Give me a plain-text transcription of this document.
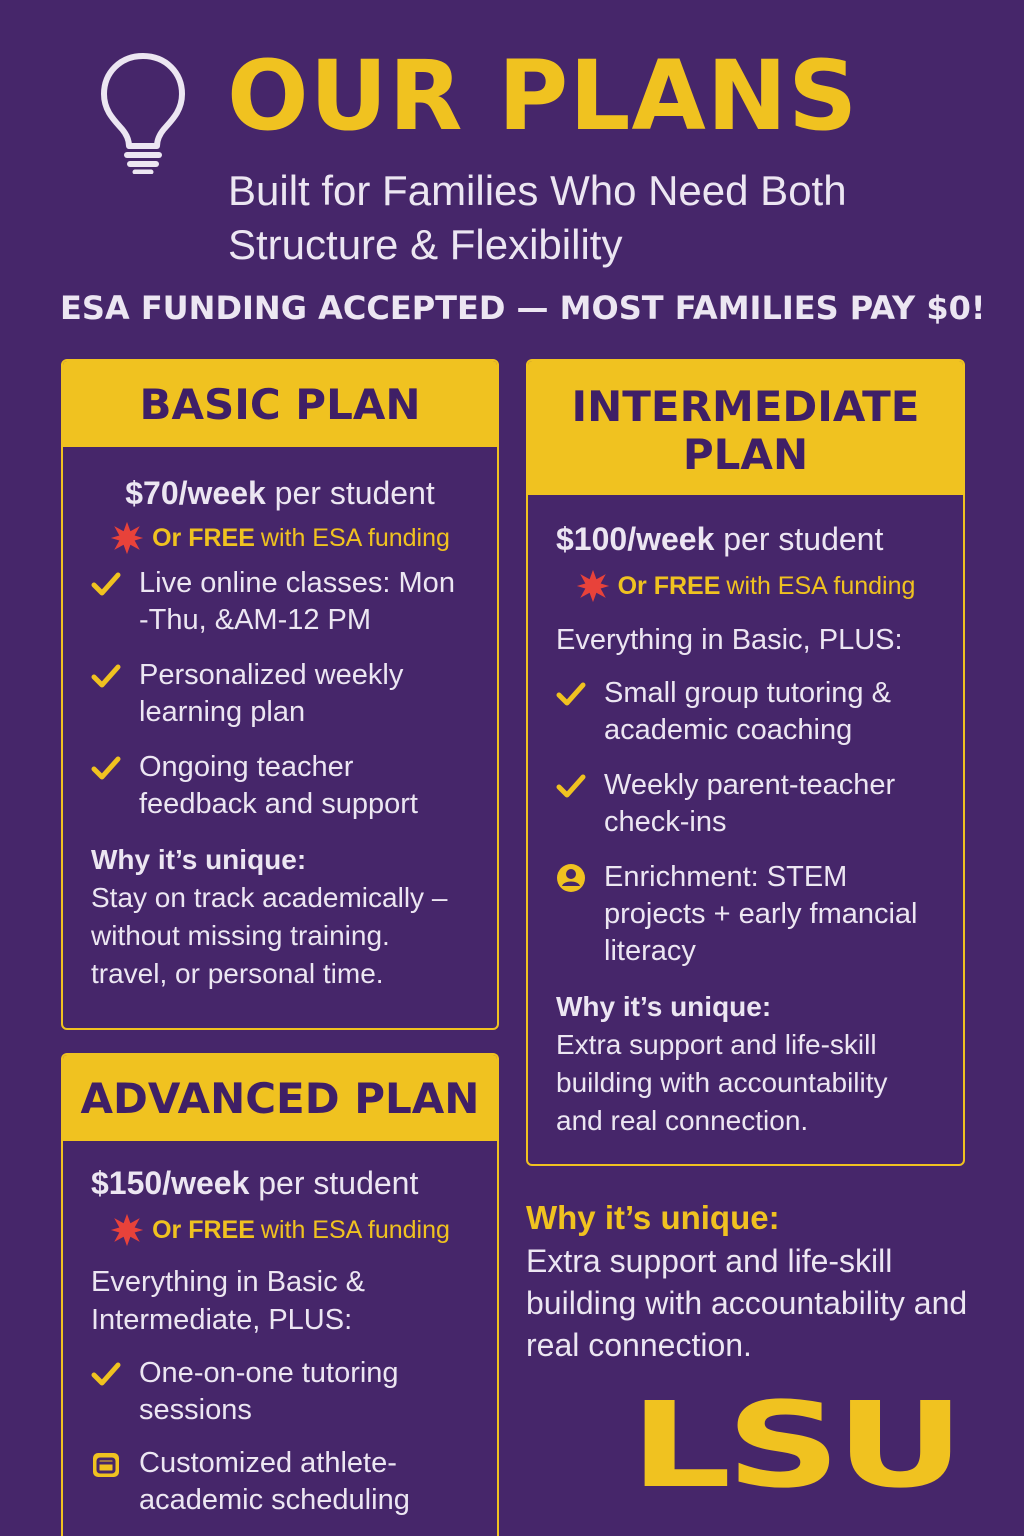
OUR PLANS
Built for Families Who Need Both Structure & Flexibility
ESA FUNDING ACCEPTED — MOST FAMILIES PAY $0!
BASIC PLAN
$70/week per student
Or FREE with ESA funding
Live online classes: Mon -Thu, &AM-12 PM
Personalized weekly learning plan
Ongoing teacher feedback and support
Why it’s unique:
Stay on track academically – without missing training. travel, or personal time.
INTERMEDIATE PLAN
$100/week per student
Or FREE with ESA funding
Everything in Basic, PLUS:
Small group tutoring & academic coaching
Weekly parent-teacher check-ins
Enrichment: STEM projects + early fmancial literacy
Why it’s unique:
Extra support and life-skill building with accountability and real connection.
ADVANCED PLAN
$150/week per student
Or FREE with ESA funding
Everything in Basic & Intermediate, PLUS:
One-on-one tutoring sessions
Customized athlete-academic scheduling
Why it’s unique:
Extra support and life-skill building with accountability and real connection.
LSU
